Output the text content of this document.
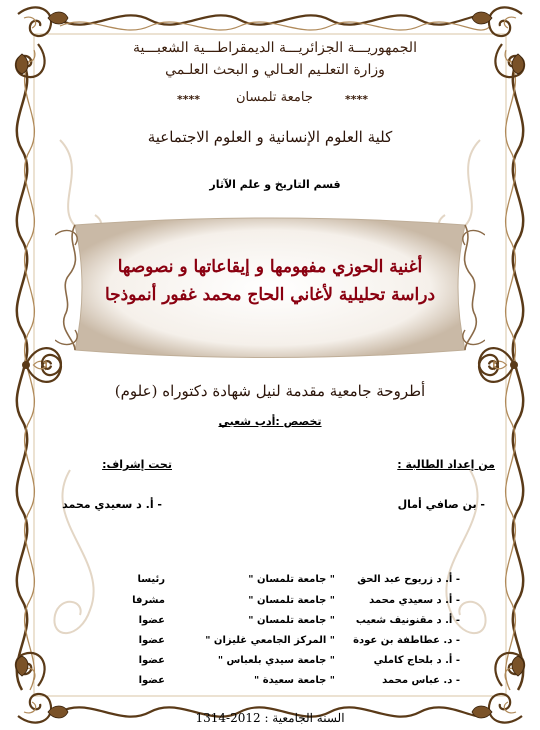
الجمهوريـــة الجزائريـــة الديمقراطـــية الشعبـــية
وزارة التعلـيم العـالي و البحث العلـمي
****
جامعة تلمسان
****
كلية العلوم الإنسانية و العلوم الاجتماعية
قسم التاريخ و علم الآثار
أغنية الحوزي مفهومها و إيقاعاتها و نصوصها
دراسة تحليلية لأغاني الحاج محمد غفور أنموذجا
أطروحة جامعية مقدمة لنيل شهادة دكتوراه (علوم)
تخصص :أدب شعبي
من إعداد الطالبة :
تحت إشراف:
- بن صافي أمال
- أ. د سعيدي محمد
- أ. د زريوح عبد الحق
" جامعة تلمسان "
رئيسا
- أ. د سعيدي محمد
" جامعة تلمسان "
مشرفا
- أ. د مقنونيف شعيب
" جامعة تلمسان "
عضوا
- د. عطاطفة بن عودة
" المركز الجامعي غليزان "
عضوا
- أ. د بلحاج كاملي
" جامعة سيدي بلعباس "
عضوا
- د. عباس محمد
" جامعة سعيدة "
عضوا
السنة الجامعية : 2012-1314
